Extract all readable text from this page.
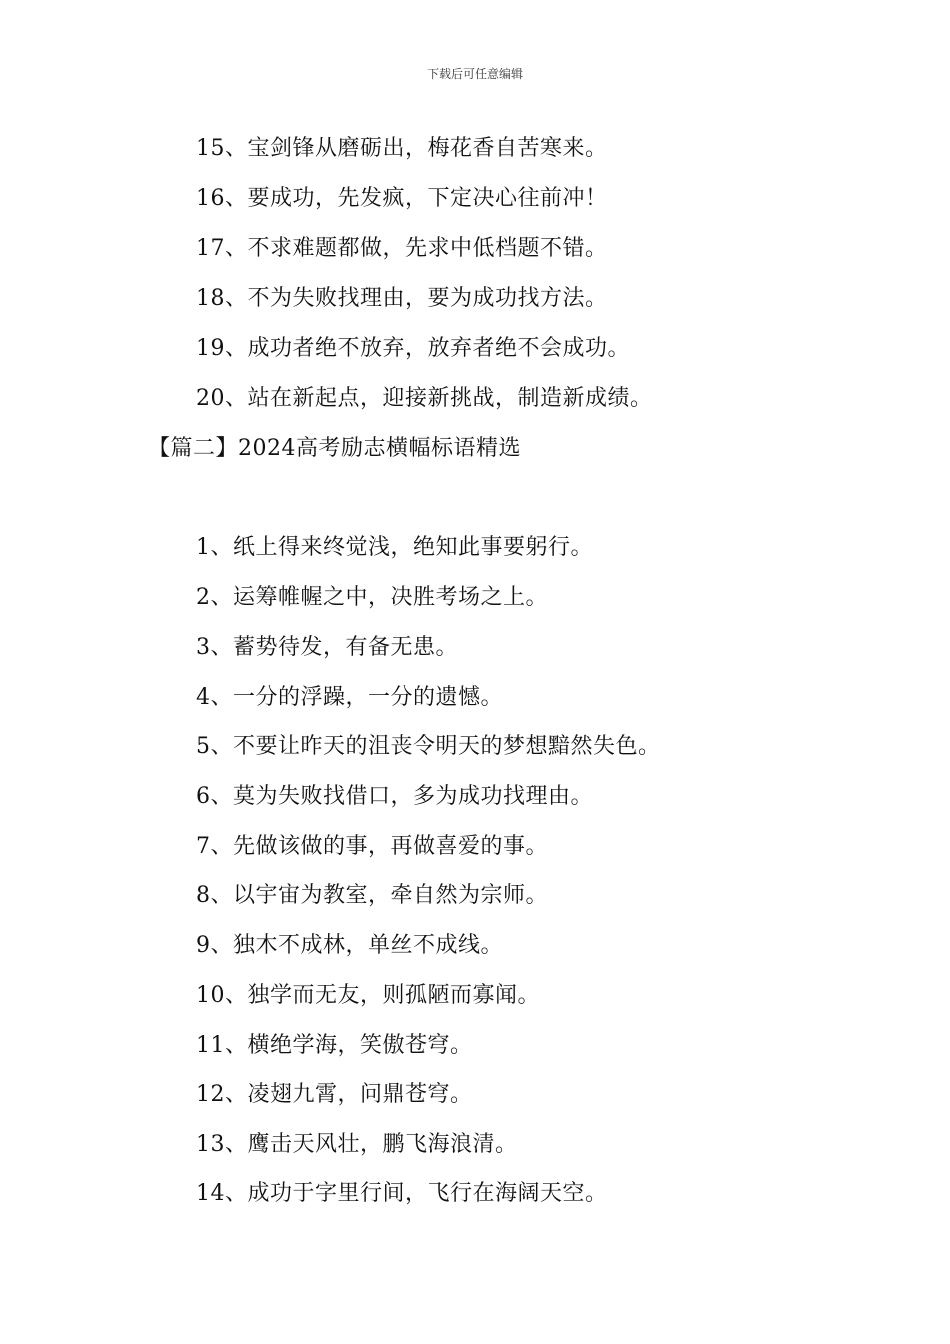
下载后可任意编辑
15、宝剑锋从磨砺出，梅花香自苦寒来。
16、要成功，先发疯，下定决心往前冲！
17、不求难题都做，先求中低档题不错。
18、不为失败找理由，要为成功找方法。
19、成功者绝不放弃，放弃者绝不会成功。
20、站在新起点，迎接新挑战，制造新成绩。
【篇二】2024高考励志横幅标语精选
1、纸上得来终觉浅，绝知此事要躬行。
2、运筹帷幄之中，决胜考场之上。
3、蓄势待发，有备无患。
4、一分的浮躁，一分的遗憾。
5、不要让昨天的沮丧令明天的梦想黯然失色。
6、莫为失败找借口，多为成功找理由。
7、先做该做的事，再做喜爱的事。
8、以宇宙为教室，牵自然为宗师。
9、独木不成林，单丝不成线。
10、独学而无友，则孤陋而寡闻。
11、横绝学海，笑傲苍穹。
12、凌翅九霄，问鼎苍穹。
13、鹰击天风壮，鹏飞海浪清。
14、成功于字里行间，飞行在海阔天空。
